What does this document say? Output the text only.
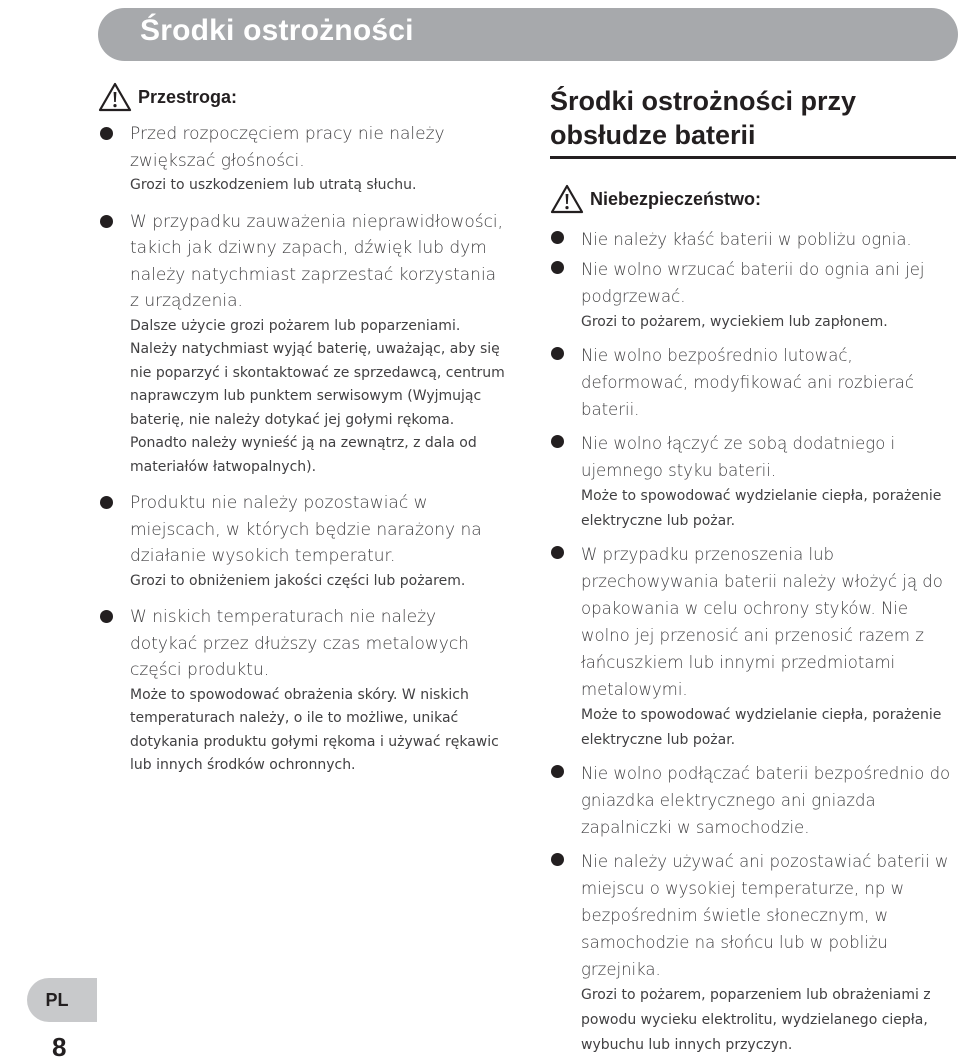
Środki ostrożności
Przestroga:
Przed rozpoczęciem pracy nie należy zwiększać głośności.
Grozi to uszkodzeniem lub utratą słuchu.
W przypadku zauważenia nieprawidłowości, takich jak dziwny zapach, dźwięk lub dym należy natychmiast zaprzestać korzystania z urządzenia.
Dalsze użycie grozi pożarem lub poparzeniami. Należy natychmiast wyjąć baterię, uważając, aby się nie poparzyć i skontaktować ze sprzedawcą, centrum naprawczym lub punktem serwisowym (Wyjmując baterię, nie należy dotykać jej gołymi rękoma. Ponadto należy wynieść ją na zewnątrz, z dala od materiałów łatwopalnych).
Produktu nie należy pozostawiać w miejscach, w których będzie narażony na działanie wysokich temperatur.
Grozi to obniżeniem jakości części lub pożarem.
W niskich temperaturach nie należy dotykać przez dłuższy czas metalowych części produktu.
Może to spowodować obrażenia skóry. W niskich temperaturach należy, o ile to możliwe, unikać dotykania produktu gołymi rękoma i używać rękawic lub innych środków ochronnych.
Środki ostrożności przy obsłudze baterii
Niebezpieczeństwo:
Nie należy kłaść baterii w pobliżu ognia.
Nie wolno wrzucać baterii do ognia ani jej podgrzewać.
Grozi to pożarem, wyciekiem lub zapłonem.
Nie wolno bezpośrednio lutować, deformować, modyfikować ani rozbierać baterii.
Nie wolno łączyć ze sobą dodatniego i ujemnego styku baterii.
Może to spowodować wydzielanie ciepła, porażenie elektryczne lub pożar.
W przypadku przenoszenia lub przechowywania baterii należy włożyć ją do opakowania w celu ochrony styków. Nie wolno jej przenosić ani przenosić razem z łańcuszkiem lub innymi przedmiotami metalowymi.
Może to spowodować wydzielanie ciepła, porażenie elektryczne lub pożar.
Nie wolno podłączać baterii bezpośrednio do gniazdka elektrycznego ani gniazda zapalniczki w samochodzie.
Nie należy używać ani pozostawiać baterii w miejscu o wysokiej temperaturze, np w bezpośrednim świetle słonecznym, w samochodzie na słońcu lub w pobliżu grzejnika.
Grozi to pożarem, poparzeniem lub obrażeniami z powodu wycieku elektrolitu, wydzielanego ciepła, wybuchu lub innych przyczyn.
PL
8
